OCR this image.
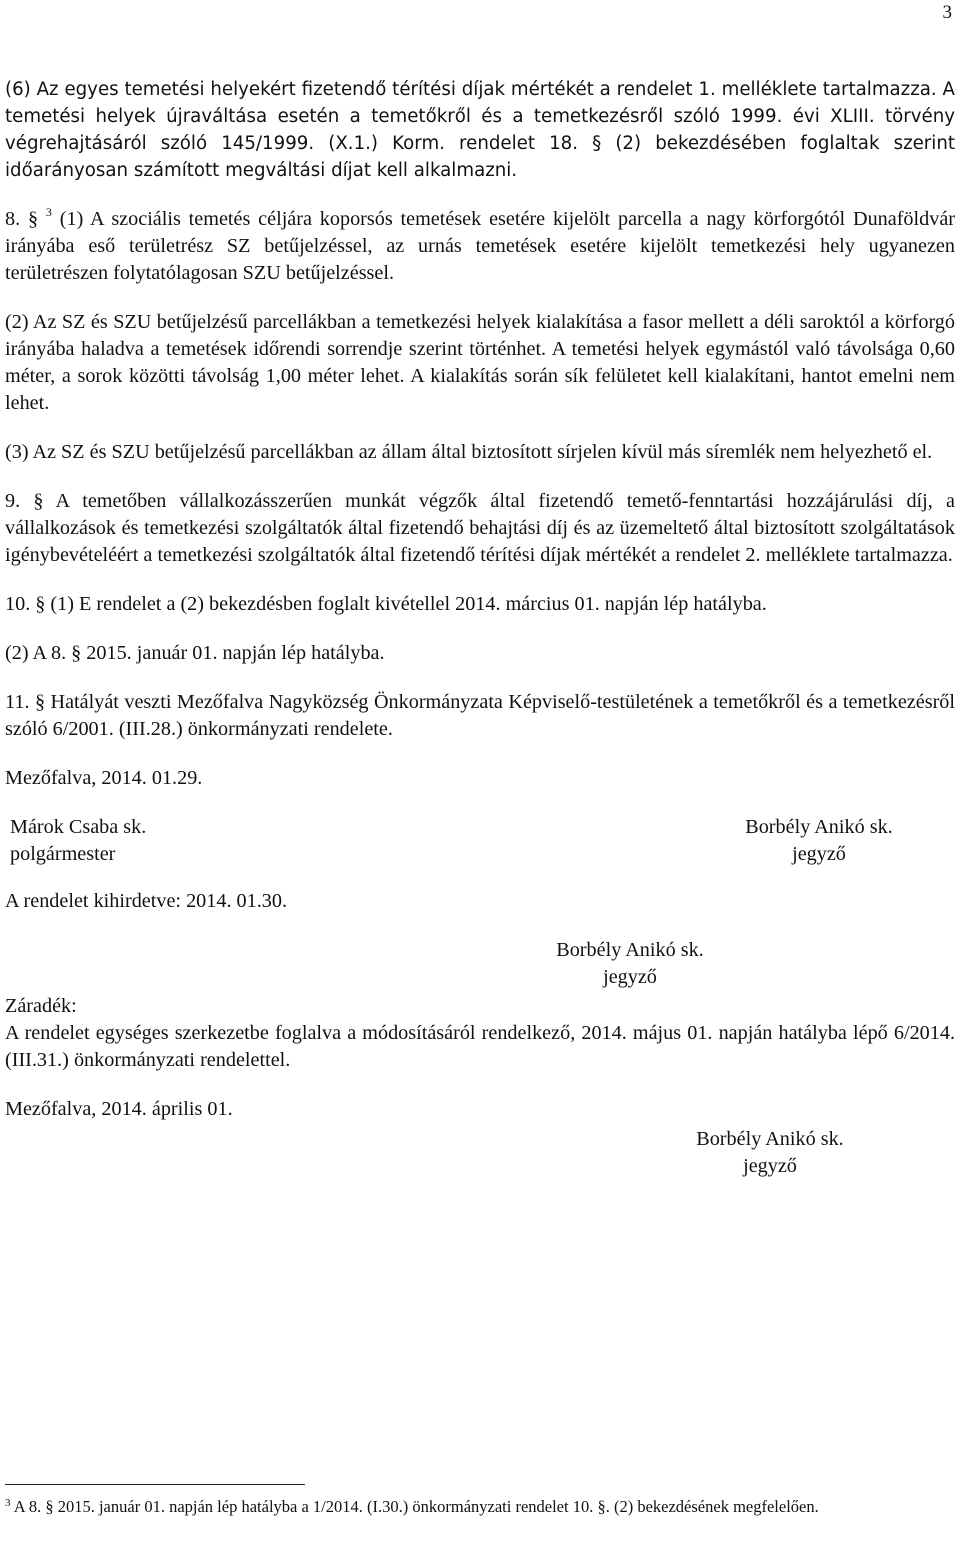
3

(6) Az egyes temetési helyekért fizetendő térítési díjak mértékét a rendelet 1. melléklete tartalmazza. A temetési helyek újraváltása esetén a temetőkről és a temetkezésről szóló 1999. évi XLIII. törvény végrehajtásáról szóló 145/1999. (X.1.) Korm. rendelet 18. § (2) bekezdésében foglaltak szerint időarányosan számított megváltási díjat kell alkalmazni.

8. § $^3$ (1) A szociális temetés céljára koporsós temetések esetére kijelölt parcella a nagy körforgótól Dunaföldvár irányába eső területrész SZ betűjelzéssel, az urnás temetések esetére kijelölt temetkezési hely ugyanezen területrészen folytatólagosan SZU betűjelzéssel.

(2) Az SZ és SZU betűjelzésű parcellákban a temetkezési helyek kialakítása a fasor mellett a déli saroktól a körforgó irányába haladva a temetések időrendi sorrendje szerint történhet. A temetési helyek egymástól való távolsága 0,60 méter, a sorok közötti távolság 1,00 méter lehet. A kialakítás során sík felületet kell kialakítani, hantot emelni nem lehet.

(3) Az SZ és SZU betűjelzésű parcellákban az állam által biztosított sírjelen kívül más síremlék nem helyezhető el.

9. § A temetőben vállalkozásszerűen munkát végzők által fizetendő temető-fenntartási hozzájárulási díj, a vállalkozások és temetkezési szolgáltatók által fizetendő behajtási díj és az üzemeltető által biztosított szolgáltatások igénybevételéért a temetkezési szolgáltatók által fizetendő térítési díjak mértékét a rendelet 2. melléklete tartalmazza.

10. § (1) E rendelet a (2) bekezdésben foglalt kivétellel 2014. március 01. napján lép hatályba.

(2) A 8. § 2015. január 01. napján lép hatályba.

11. § Hatályát veszti Mezőfalva Nagyközség Önkormányzata Képviselő-testületének a temetőkről és a temetkezésről szóló 6/2001. (III.28.) önkormányzati rendelete.

Mezőfalva, 2014. 01.29.

Márok Csaba sk.
polgármester
Borbély Anikó sk.
jegyző

A rendelet kihirdetve: 2014. 01.30.

Borbély Anikó sk.
jegyző

Záradék:

A rendelet egységes szerkezetbe foglalva a módosításáról rendelkező, 2014. május 01. napján hatályba lépő 6/2014.(III.31.) önkormányzati rendelettel.

Mezőfalva, 2014. április 01.

Borbély Anikó sk.
jegyző
$^3$ A 8. § 2015. január 01. napján lép hatályba a 1/2014. (I.30.) önkormányzati rendelet 10. §. (2) bekezdésének megfelelően.
